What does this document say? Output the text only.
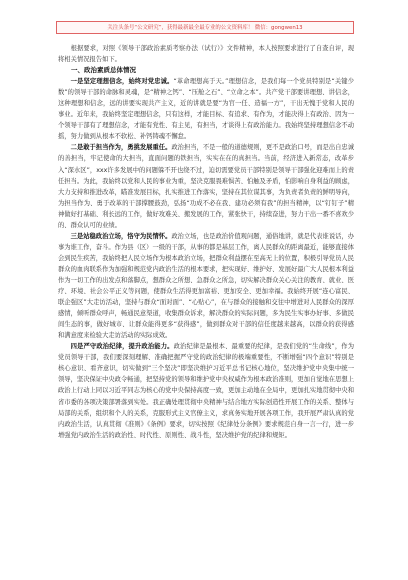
关注头条号“公文研究”，获得最新最全最专业的公文资料库！ 微信：gongwen13

根据要求，对照《领导干部政治素质考察办法（试行）》文件精神，本人按照要求进行了自查自评，现将相关情况报告如下。

一、政治素质总体情况

一是坚定理想信念，始终对党忠诚。“革命理想高于天。”理想信念，是我们每一个党员特别是“关键少数”的领导干部的命脉和灵魂，是“精神之钙”、“压舱之石”、“立命之本”。共产党干部要讲理想、讲信念，这种理想和信念，远的讲要实现共产主义，近的讲就是要“为官一任、造福一方”，干出无愧于党和人民的事业。近年来，我始终坚定理想信念，只有这样，才能目标、有追求、有作为，才能决得上有政治、因为一个领导干部有了理想信念，才能有党性、有主见，有担当，才谈得上有政治能力。我始终坚持理想信念不动摇，努力做到从根本不软松、补钙铸魂不懈怠。

二是敢于担当作为，勇挑发展重任。政治担当，不是一般的道德规则，更不是政治口号，而是出自忠诚的善担当，牢记使命的大担当，直面问题的铁担当，实实在在的真担当。当前，经济进入新常态，改革步入“深水区”，xxx许多发展中的问题躲不开也绕不过，迫切需要党员干部特别是领导干部强化迎难而上的责任担当。为此，我始终以党和人民的事业为重，坚决克服畏难惧苦、怕触及矛盾，怕影响自身利益的顾虑，大力支持和推进改革，瞄准发展目标，扎实推进工作落实，坚持在其位谋其事，为负责者负责的鲜明导向，为担当作为、勇于改革的干部撑腰鼓劲，弘扬“功成不必在我、建功必须有我”的担当精神，以“钉钉子”精神做好打基础、利长远的工作，做好攻难关、搬发展的工作，紧张快干，持续奋进，努力干出一番不喜欢少的、群众认可的业绩。

三是站稳政治立场，恪守为民情怀。政治立场，也是政治价值观问题，通俗地讲，就是代表谁说话，办事为谁工作，奋斗。作为县（区）一级的干部，从事的都是基层工作，离人民群众的距离最近，能够直接体会到民生疾苦，我始终把人民立场作为根本政治立场，把群众利益摆在至高无上的位置，积极引导党员人民群众的血肉联系作为加强和规范党内政治生活的根本要求，把实现好、维护好、发展好最广大人民根本利益作为一切工作的出发点和落脚点，想群众之所想、急群众之所急，切实解决群众关心关注的教育、就业、医疗、环境、社会公平正义等问题，使群众生活得更加富裕、更加安全、更加幸福。我始终开展“连心富民、联企强区”大走访活动，坚持与群众“面对面”、“心贴心”，在与群众的接触和交往中增进对人民群众的深厚感情，倾听群众呼声，畅通民意渠道，收集群众诉求，解决群众的实际问题，多为民生实事办好事、多做民间生态的事，做好城市、让群众能得更多“获得感”，做到群众对干部的信任度越来越高，以群众的获得感和满意度来检验大走访活动的实际成效。

四是严守政治纪律，提升政治能力。政治纪律是最根本、最重要的纪律，是我们党的“生命线”，作为党员领导干部，我们要深刻理解、准确把握严守党的政治纪律的极端重要性，不断增强“四个意识”特别是核心意识、看齐意识，切实做到“三个坚决”即坚决维护习近平总书记核心地位，坚决维护党中央集中统一领导，坚决保证中央政令畅通，把坚持党的领导和维护党中央权威作为根本政治准则，更加自觉地在思想上政治上行动上同以习近平同志为核心的党中央保持高度一致，更加主动地在全局中，更加扎实地贯彻中央和省市委的各项决策部署落到实处。我正确处理贯彻中央精神与结合地方实际创造性开展工作的关系、整体与局部的关系，组织和个人的关系，克服形式主义官僚主义，求真务实地开展各项工作，我开展严肃认真的党内政治生活，认真贯彻《准则》《条例》要求，切实按照《纪律处分条例》要求规范自身一言一行，进一步增强党内政治生活的政治性、时代性、原则性、战斗性，坚决维护党的纪律和规矩。
